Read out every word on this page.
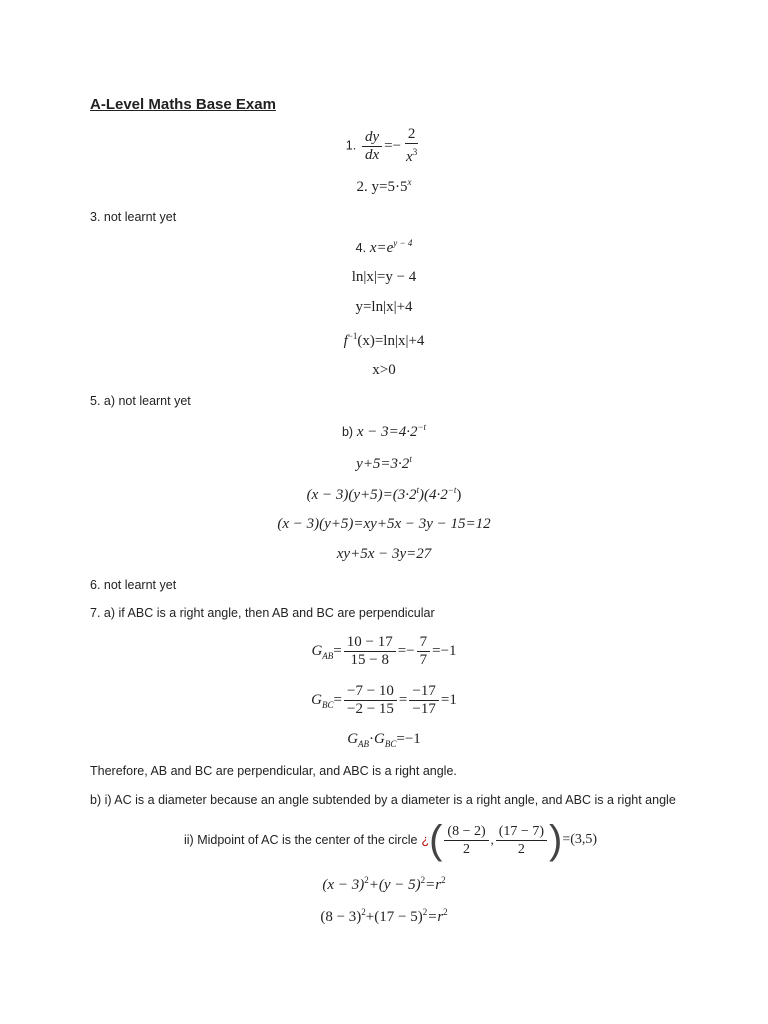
A-Level Maths Base Exam
1. $\frac{dy}{dx} =- \frac{2}{x^3}$
2. $y=5\cdot 5^x$
3. not learnt yet
4. $x=e^{y - 4}$
ln|x|=y − 4
y=ln|x|+4
$f^{-1}(x)=\ln|x|+4$
x>0
5. a) not learnt yet
b) $x - 3=4\cdot 2^{-t}$
$y+5=3\cdot 2^t$
$(x - 3)(y+5)=(3\cdot 2^t)(4\cdot 2^{-t})$
(x − 3)(y+5)=xy+5x − 3y − 15=12
xy+5x − 3y=27
6. not learnt yet
7. a) if ABC is a right angle, then AB and BC are perpendicular
$G_{AB}= \frac{10 - 17}{15 - 8} =- \frac{7}{7} =-1$
$G_{BC}= \frac{-7 - 10}{-2 - 15} = \frac{-17}{-17} =1$
$G_{AB}\cdot G_{BC}=-1$
Therefore, AB and BC are perpendicular, and ABC is a right angle.
b) i) AC is a diameter because an angle subtended by a diameter is a right angle, and ABC is a right angle
ii) Midpoint of AC is the center of the circle ¿ ( $\frac{(8 - 2)}{2}$ , $\frac{(17 - 7)}{2}$ ) =(3,5)
$(x - 3)^2+(y - 5)^2=r^2$
$(8 - 3)^2+(17 - 5)^2=r^2$
